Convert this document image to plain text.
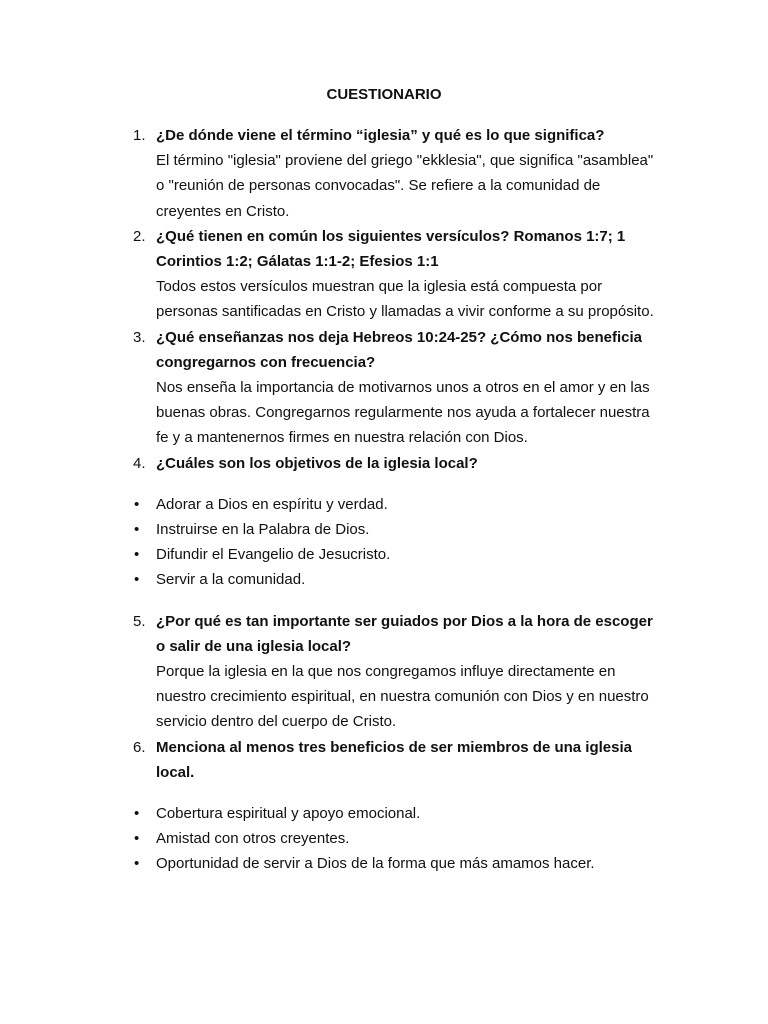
CUESTIONARIO
1. ¿De dónde viene el término “iglesia” y qué es lo que significa?
El término "iglesia" proviene del griego "ekklesia", que significa "asamblea" o "reunión de personas convocadas". Se refiere a la comunidad de creyentes en Cristo.
2. ¿Qué tienen en común los siguientes versículos? Romanos 1:7; 1 Corintios 1:2; Gálatas 1:1-2; Efesios 1:1
Todos estos versículos muestran que la iglesia está compuesta por personas santificadas en Cristo y llamadas a vivir conforme a su propósito.
3. ¿Qué enseñanzas nos deja Hebreos 10:24-25? ¿Cómo nos beneficia congregarnos con frecuencia?
Nos enseña la importancia de motivarnos unos a otros en el amor y en las buenas obras. Congregarnos regularmente nos ayuda a fortalecer nuestra fe y a mantenernos firmes en nuestra relación con Dios.
4. ¿Cuáles son los objetivos de la iglesia local?
• Adorar a Dios en espíritu y verdad.
• Instruirse en la Palabra de Dios.
• Difundir el Evangelio de Jesucristo.
• Servir a la comunidad.
5. ¿Por qué es tan importante ser guiados por Dios a la hora de escoger o salir de una iglesia local?
Porque la iglesia en la que nos congregamos influye directamente en nuestro crecimiento espiritual, en nuestra comunión con Dios y en nuestro servicio dentro del cuerpo de Cristo.
6. Menciona al menos tres beneficios de ser miembros de una iglesia local.
• Cobertura espiritual y apoyo emocional.
• Amistad con otros creyentes.
• Oportunidad de servir a Dios de la forma que más amamos hacer.
